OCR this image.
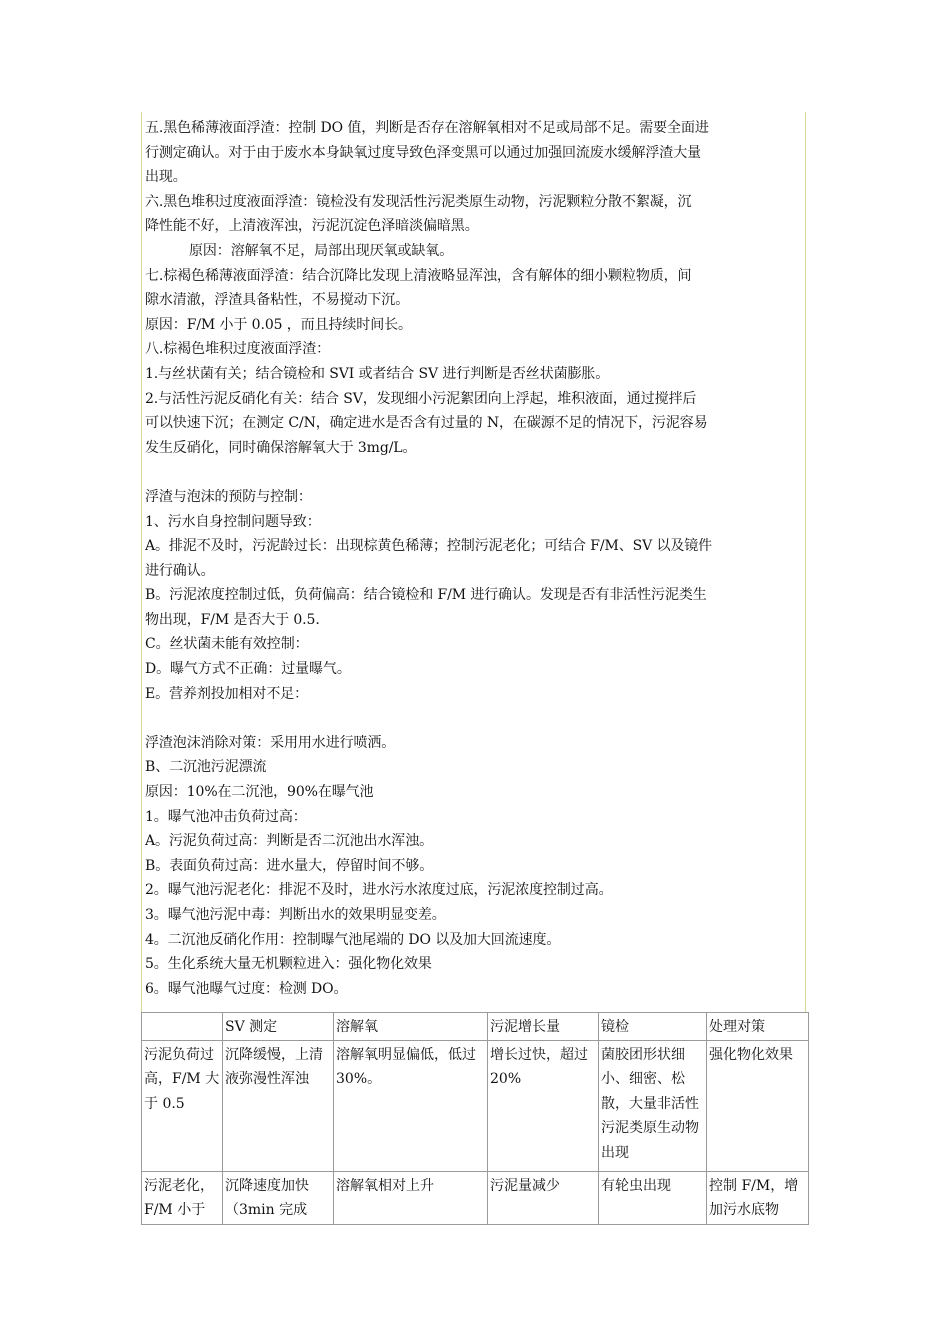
五.黑色稀薄液面浮渣：控制 DO 值，判断是否存在溶解氧相对不足或局部不足。需要全面进
行测定确认。对于由于废水本身缺氧过度导致色泽变黑可以通过加强回流废水缓解浮渣大量
出现。
六.黑色堆积过度液面浮渣：镜检没有发现活性污泥类原生动物，污泥颗粒分散不絮凝，沉
降性能不好，上清液浑浊，污泥沉淀色泽暗淡偏暗黑。
原因：溶解氧不足，局部出现厌氧或缺氧。
七.棕褐色稀薄液面浮渣：结合沉降比发现上清液略显浑浊，含有解体的细小颗粒物质，间
隙水清澈，浮渣具备粘性，不易搅动下沉。
原因：F/M 小于 0.05 ，而且持续时间长。
八.棕褐色堆积过度液面浮渣：
1.与丝状菌有关；结合镜检和 SVI 或者结合 SV 进行判断是否丝状菌膨胀。
2.与活性污泥反硝化有关：结合 SV，发现细小污泥絮团向上浮起，堆积液面，通过搅拌后
可以快速下沉；在测定 C/N，确定进水是否含有过量的 N，在碳源不足的情况下，污泥容易
发生反硝化，同时确保溶解氧大于 3mg/L。
浮渣与泡沫的预防与控制：
1、污水自身控制问题导致：
A。排泥不及时，污泥龄过长：出现棕黄色稀薄；控制污泥老化；可结合 F/M、SV 以及镜件
进行确认。
B。污泥浓度控制过低，负荷偏高：结合镜检和 F/M 进行确认。发现是否有非活性污泥类生
物出现，F/M 是否大于 0.5.
C。丝状菌未能有效控制：
D。曝气方式不正确：过量曝气。
E。营养剂投加相对不足：
浮渣泡沫消除对策：采用用水进行喷洒。
B、二沉池污泥漂流
原因：10%在二沉池，90%在曝气池
1。曝气池冲击负荷过高：
A。污泥负荷过高：判断是否二沉池出水浑浊。
B。表面负荷过高：进水量大，停留时间不够。
2。曝气池污泥老化：排泥不及时，进水污水浓度过底，污泥浓度控制过高。
3。曝气池污泥中毒：判断出水的效果明显变差。
4。二沉池反硝化作用：控制曝气池尾端的 DO 以及加大回流速度。
5。生化系统大量无机颗粒进入：强化物化效果
6。曝气池曝气过度：检测 DO。
	SV 测定	溶解氧	污泥增长量	镜检	处理对策
污泥负荷过高，F/M 大于 0.5	沉降缓慢，上清液弥漫性浑浊	溶解氧明显偏低，低过 30%。	增长过快，超过 20%	菌胶团形状细小、细密、松散，大量非活性污泥类原生动物出现	强化物化效果
污泥老化，F/M 小于	沉降速度加快（3min 完成	溶解氧相对上升	污泥量减少	有轮虫出现	控制 F/M，增加污水底物
